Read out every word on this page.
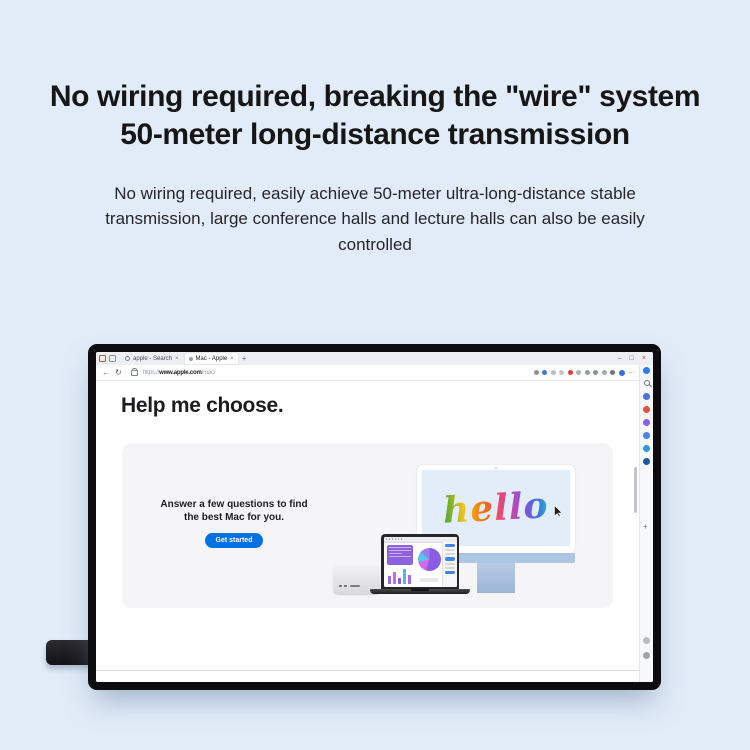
No wiring required, breaking the "wire" system
50-meter long-distance transmission
No wiring required, easily achieve 50-meter ultra-long-distance stable transmission, large conference halls and lecture halls can also be easily controlled
apple - Search ×	Mac - Apple × +	– □ ×
← ↻	https://www.apple.com/mac/	…
Help me choose.
Answer a few questions to find
the best Mac for you.
Get started
hello	+
